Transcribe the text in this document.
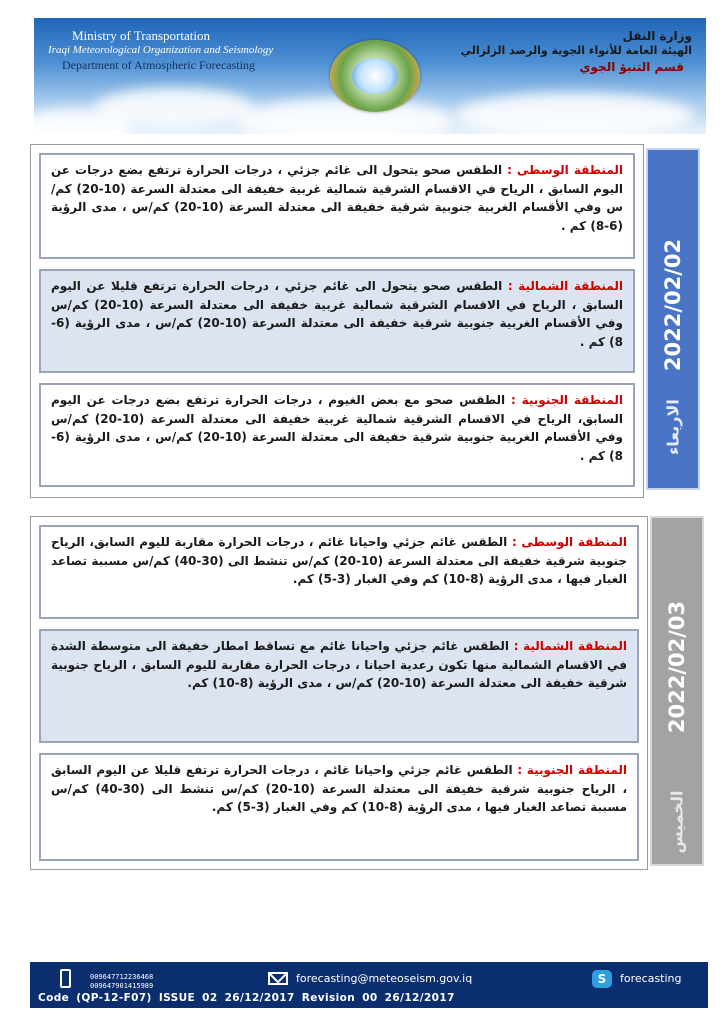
Ministry of Transportation
Iraqi Meteorological Organization and Seismology
Department of Atmospheric Forecasting
وزارة النقل
الهيئة العامة للأنواء الجوية والرصد الزلزالي
قسم التنبؤ الجوي
المنطقة الوسطى : الطقس صحو يتحول الى غائم جزئي ، درجات الحرارة ترتفع بضع درجات عن اليوم السابق ، الرياح في الاقسام الشرقية شمالية غربية خفيفة الى معتدلة السرعة (10-20) كم/س وفي الأقسام الغربية جنوبية شرقية خفيفة الى معتدلة السرعة (10-20) كم/س ، مدى الرؤية (6-8) كم .
المنطقة الشمالية : الطقس صحو يتحول الى غائم جزئي ، درجات الحرارة ترتفع قليلا عن اليوم السابق ، الرياح في الاقسام الشرقية شمالية غربية خفيفة الى معتدلة السرعة (10-20) كم/س وفي الأقسام الغربية جنوبية شرقية خفيفة الى معتدلة السرعة (10-20) كم/س ، مدى الرؤية (6-8) كم .
المنطقة الجنوبية : الطقس صحو مع بعض الغيوم ، درجات الحرارة ترتفع بضع درجات عن اليوم السابق، الرياح في الاقسام الشرقية شمالية غربية خفيفة الى معتدلة السرعة (10-20) كم/س وفي الأقسام الغربية جنوبية شرقية خفيفة الى معتدلة السرعة (10-20) كم/س ، مدى الرؤية (6-8) كم .
2022/02/02
الاربعاء
المنطقة الوسطى : الطقس غائم جزئي واحيانا غائم ، درجات الحرارة مقاربة لليوم السابق، الرياح جنوبية شرقية خفيفة الى معتدلة السرعة (10-20) كم/س تنشط الى (30-40) كم/س مسببة تصاعد الغبار فيها ، مدى الرؤية (8-10) كم وفي الغبار (3-5) كم.
المنطقة الشمالية : الطقس غائم جزئي واحيانا غائم مع تساقط امطار خفيفة الى متوسطة الشدة في الاقسام الشمالية منها تكون رعدية احيانا ، درجات الحرارة مقاربة لليوم السابق ، الرياح جنوبية شرقية خفيفة الى معتدلة السرعة (10-20) كم/س ، مدى الرؤية (8-10) كم.
المنطقة الجنوبية : الطقس غائم جزئي واحيانا غائم ، درجات الحرارة ترتفع قليلا عن اليوم السابق ، الرياح جنوبية شرقية خفيفة الى معتدلة السرعة (10-20) كم/س تنشط الى (30-40) كم/س مسببة تصاعد الغبار فيها ، مدى الرؤية (8-10) كم وفي الغبار (3-5) كم.
2022/02/03
الخميس
009647712236468
009647901415989
forecasting@meteoseism.gov.iq	S	forecasting
Code (QP-12-F07) ISSUE 02 26/12/2017 Revision 00 26/12/2017
